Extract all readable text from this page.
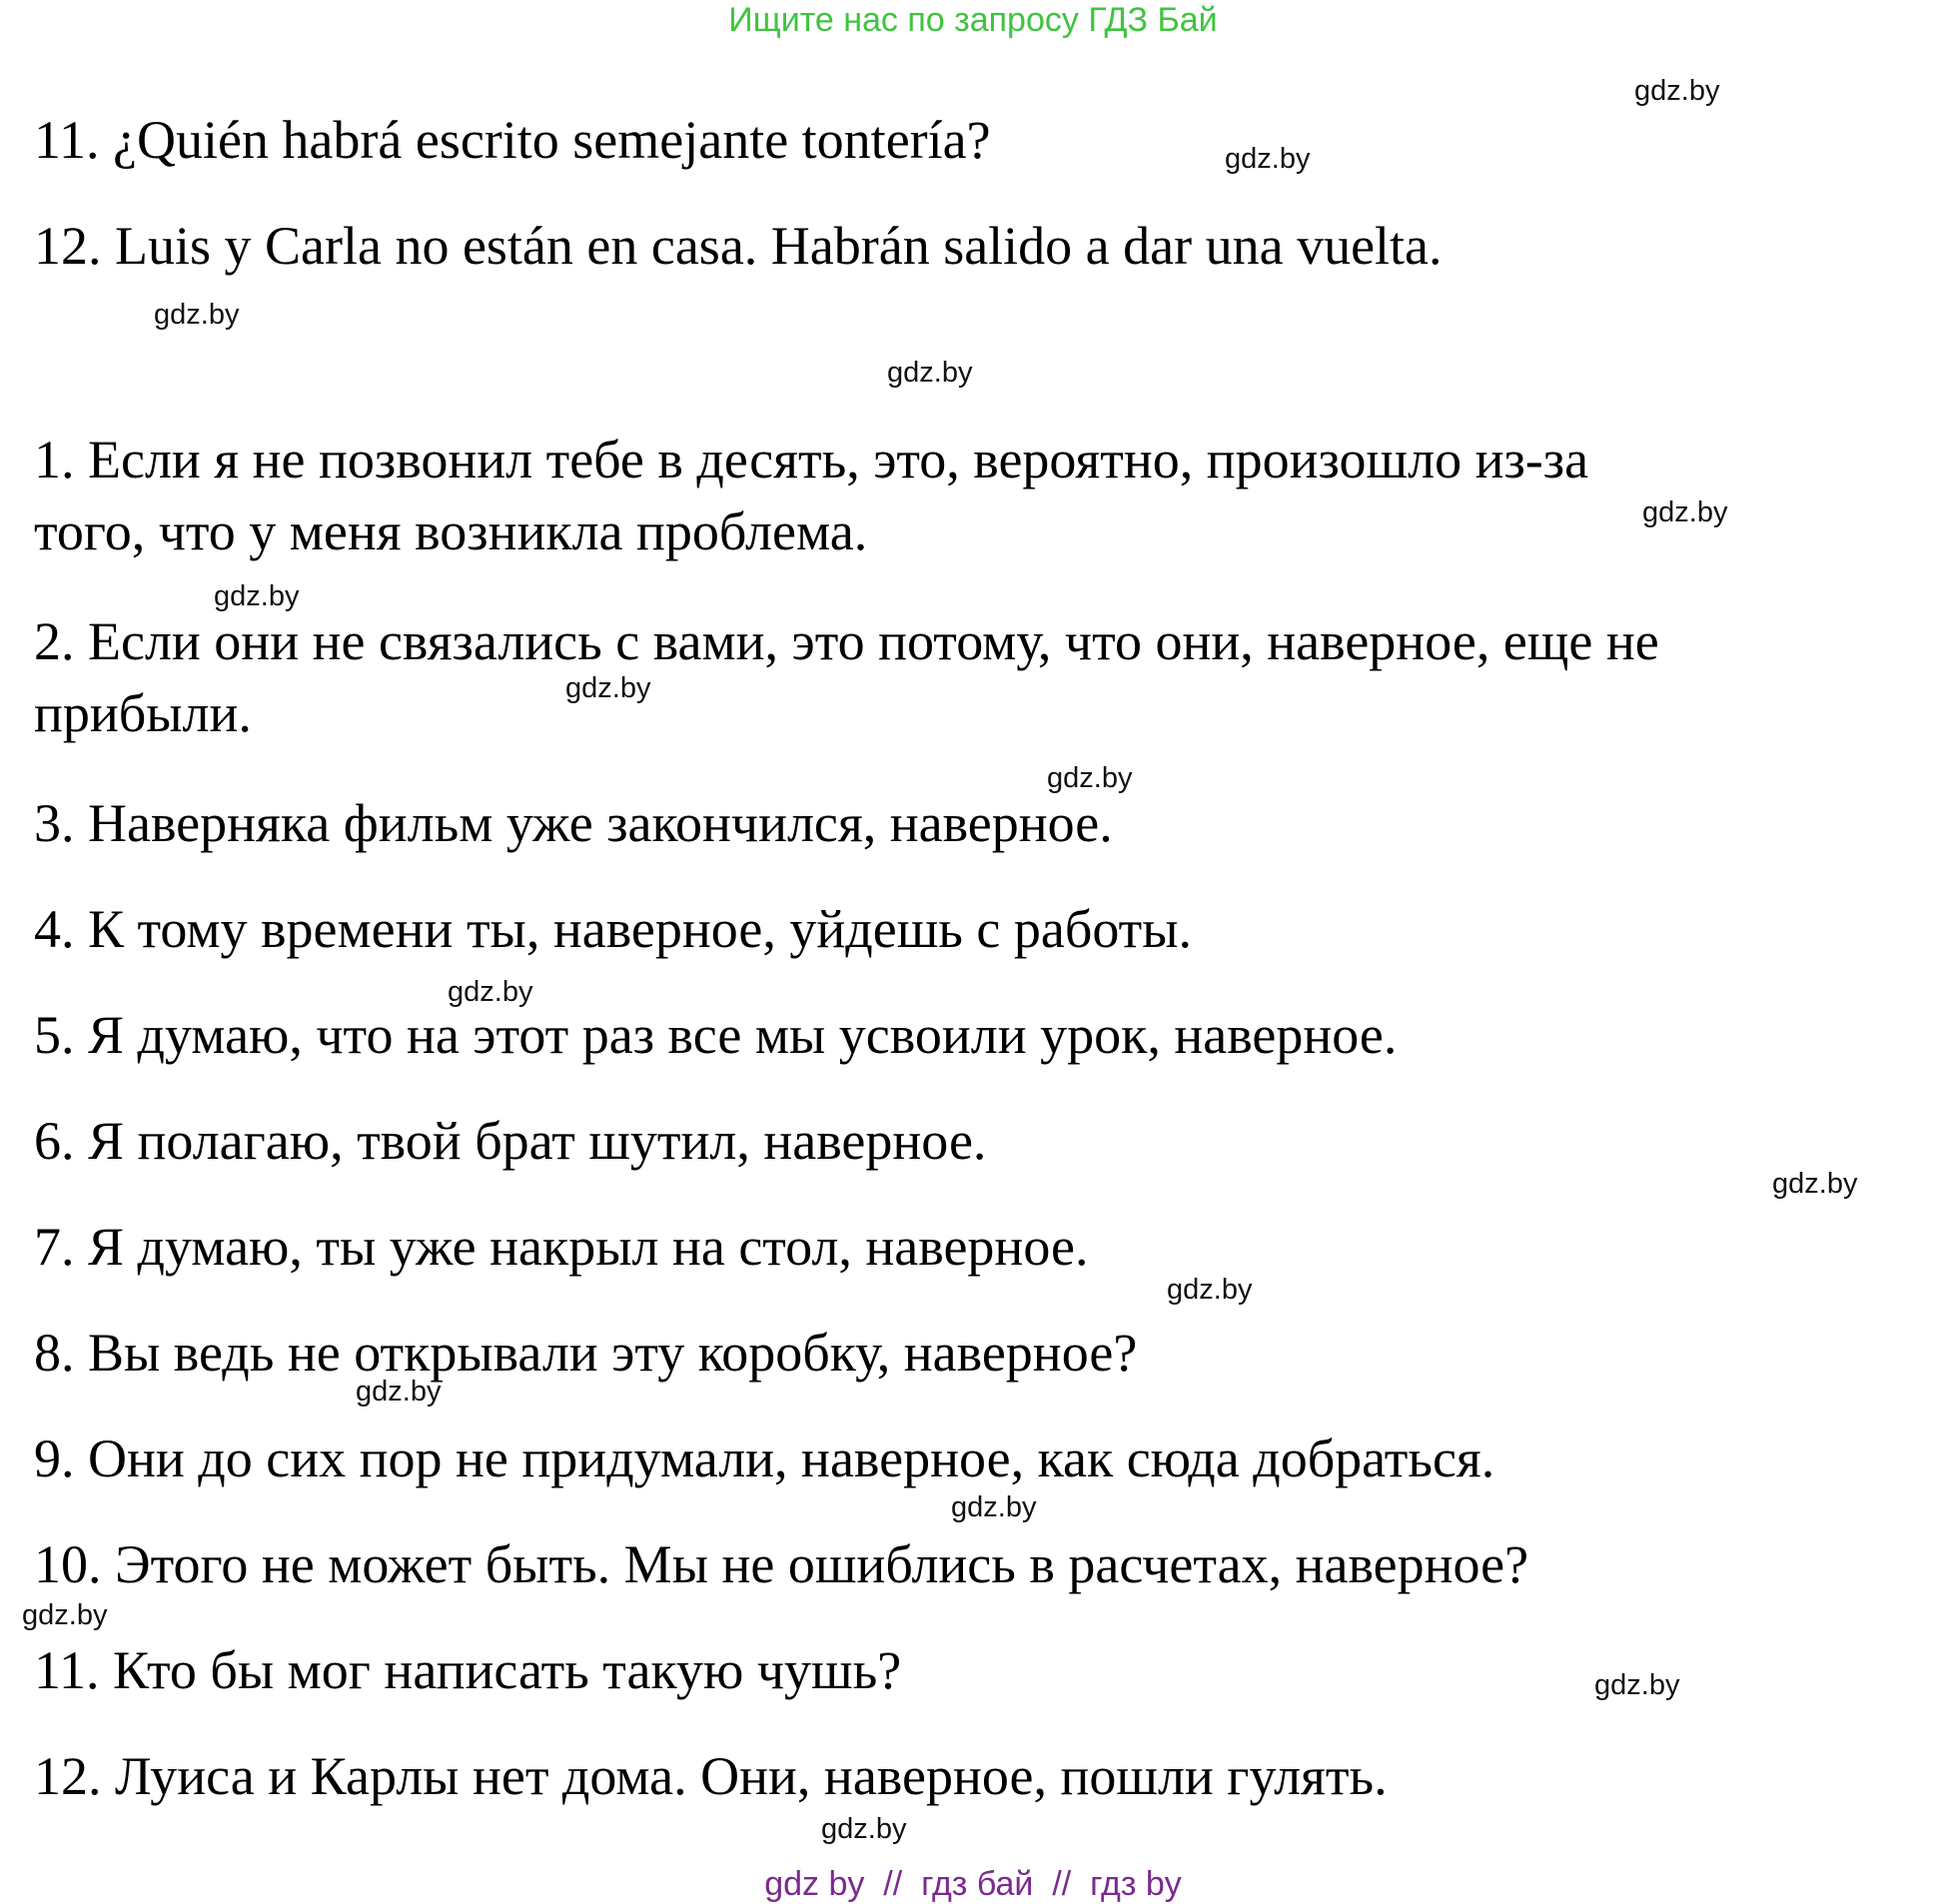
Ищите нас по запросу ГДЗ Бай
11. ¿Quién habrá escrito semejante tontería?
12. Luis y Carla no están en casa. Habrán salido a dar una vuelta.
1. Если я не позвонил тебе в десять, это, вероятно, произошло из-за
того, что у меня возникла проблема.
2. Если они не связались с вами, это потому, что они, наверное, еще не
прибыли.
3. Наверняка фильм уже закончился, наверное.
4. К тому времени ты, наверное, уйдешь с работы.
5. Я думаю, что на этот раз все мы усвоили урок, наверное.
6. Я полагаю, твой брат шутил, наверное.
7. Я думаю, ты уже накрыл на стол, наверное.
8. Вы ведь не открывали эту коробку, наверное?
9. Они до сих пор не придумали, наверное, как сюда добраться.
10. Этого не может быть. Мы не ошиблись в расчетах, наверное?
11. Кто бы мог написать такую чушь?
12. Луиса и Карлы нет дома. Они, наверное, пошли гулять.
gdz.by
gdz.by
gdz.by
gdz.by
gdz.by
gdz.by
gdz.by
gdz.by
gdz.by
gdz.by
gdz.by
gdz.by
gdz.by
gdz.by
gdz.by
gdz.by
gdz by  //  гдз бай  //  гдз by
